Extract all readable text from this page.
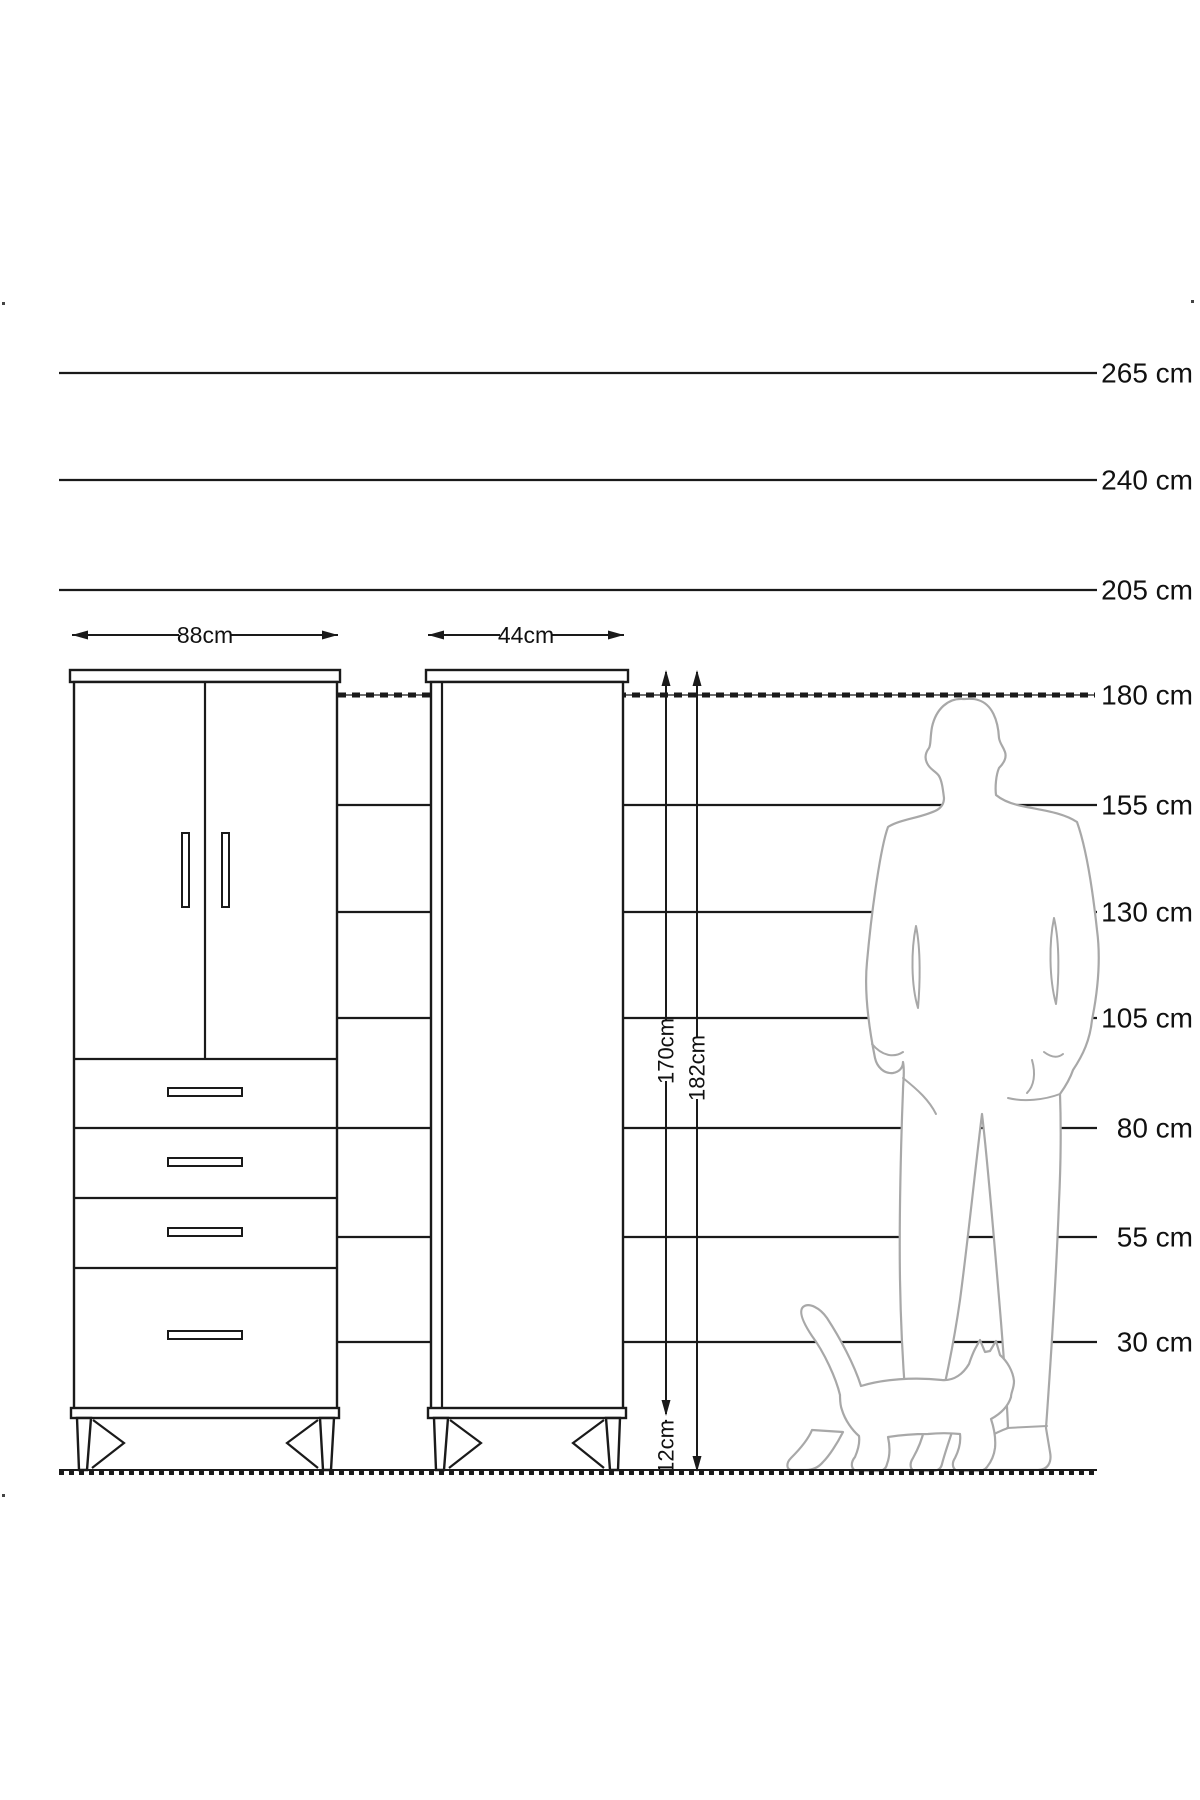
265 cm
240 cm
205 cm
180 cm
155 cm
130 cm
105 cm
80 cm
55 cm
30 cm
88cm	44cm
170cm
12cm
182cm
